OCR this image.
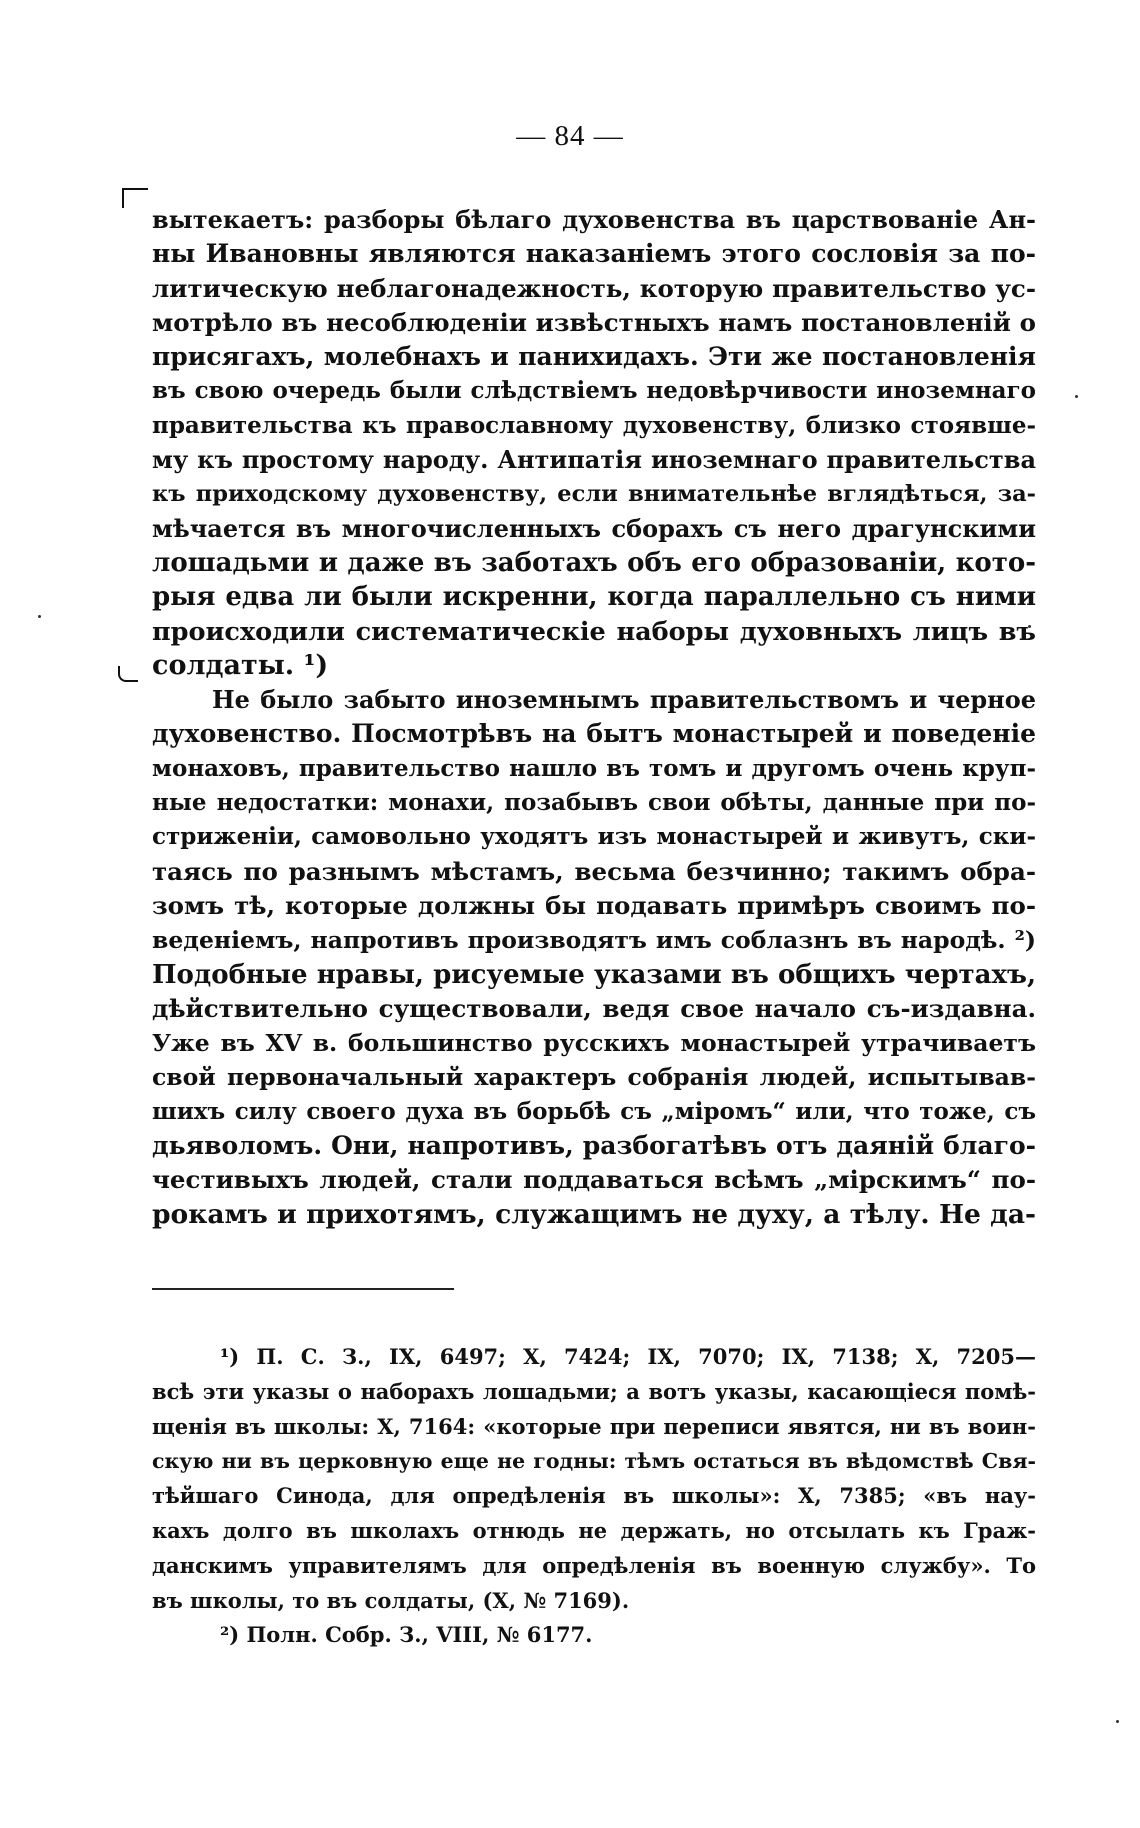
— 84 —
вытекаетъ: разборы бѣлаго духовенства въ царствованіе Ан-
ны Ивановны являются наказаніемъ этого сословія за по-
литическую неблагонадежность, которую правительство ус-
мотрѣло въ несоблюденіи извѣстныхъ намъ постановленій о
присягахъ, молебнахъ и панихидахъ. Эти же постановленія
въ свою очередь были слѣдствіемъ недовѣрчивости иноземнаго
правительства къ православному духовенству, близко стоявше-
му къ простому народу. Антипатія иноземнаго правительства
къ приходскому духовенству, если внимательнѣе вглядѣться, за-
мѣчается въ многочисленныхъ сборахъ съ него драгунскими
лошадьми и даже въ заботахъ объ его образованіи, кото-
рыя едва ли были искренни, когда параллельно съ ними
происходили систематическіе наборы духовныхъ лицъ въ
солдаты. ¹)
Не было забыто иноземнымъ правительствомъ и черное
духовенство. Посмотрѣвъ на бытъ монастырей и поведеніе
монаховъ, правительство нашло въ томъ и другомъ очень круп-
ные недостатки: монахи, позабывъ свои обѣты, данные при по-
стриженіи, самовольно уходятъ изъ монастырей и живутъ, ски-
таясь по разнымъ мѣстамъ, весьма безчинно; такимъ обра-
зомъ тѣ, которые должны бы подавать примѣръ своимъ по-
веденіемъ, напротивъ производятъ имъ соблазнъ въ народѣ. ²)
Подобные нравы, рисуемые указами въ общихъ чертахъ,
дѣйствительно существовали, ведя свое начало съ-издавна.
Уже въ XV в. большинство русскихъ монастырей утрачиваетъ
свой первоначальный характеръ собранія людей, испытывав-
шихъ силу своего духа въ борьбѣ съ „міромъ“ или, что тоже, съ
дьяволомъ. Они, напротивъ, разбогатѣвъ отъ даяній благо-
честивыхъ людей, стали поддаваться всѣмъ „мірскимъ“ по-
рокамъ и прихотямъ, служащимъ не духу, а тѣлу. Не да-
¹) П. С. З., IX, 6497; X, 7424; IX, 7070; IX, 7138; X, 7205—
всѣ эти указы о наборахъ лошадьми; а вотъ указы, касающіеся помѣ-
щенія въ школы: X, 7164: «которые при переписи явятся, ни въ воин-
скую ни въ церковную еще не годны: тѣмъ остаться въ вѣдомствѣ Свя-
тѣйшаго Синода, для опредѣленія въ школы»: X, 7385; «въ нау-
кахъ долго въ школахъ отнюдь не держать, но отсылать къ Граж-
данскимъ управителямъ для опредѣленія въ военную службу». То
въ школы, то въ солдаты, (X, № 7169).
²) Полн. Собр. З., VIII, № 6177.
